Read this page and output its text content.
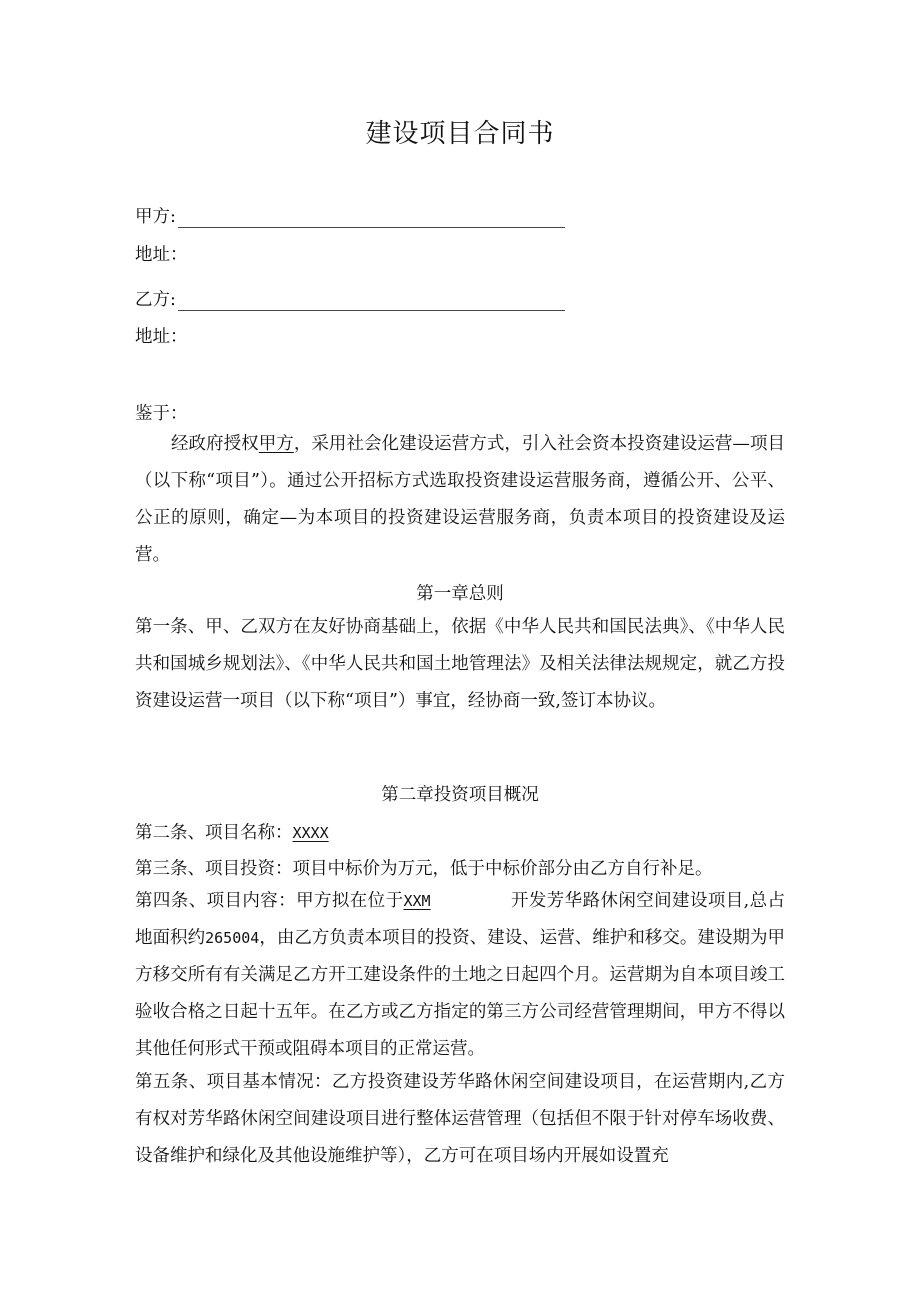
建设项目合同书
甲方:
地址：
乙方:
地址：
鉴于：
经政府授权甲方，采用社会化建设运营方式，引入社会资本投资建设运营—项目（以下称“项目”）。通过公开招标方式选取投资建设运营服务商，遵循公开、公平、公正的原则，确定—为本项目的投资建设运营服务商，负责本项目的投资建设及运营。
第一章总则
第一条、甲、乙双方在友好协商基础上，依据《中华人民共和国民法典》、《中华人民共和国城乡规划法》、《中华人民共和国土地管理法》及相关法律法规规定，就乙方投资建设运营一项目（以下称“项目”）事宜，经协商一致,签订本协议。
第二章投资项目概况
第二条、项目名称：XXXX
第三条、项目投资：项目中标价为万元，低于中标价部分由乙方自行补足。
第四条、项目内容：甲方拟在位于XXM	开发芳华路休闲空间建设项目,总占地面积约265004，由乙方负责本项目的投资、建设、运营、维护和移交。建设期为甲方移交所有有关满足乙方开工建设条件的土地之日起四个月。运营期为自本项目竣工验收合格之日起十五年。在乙方或乙方指定的第三方公司经营管理期间，甲方不得以其他任何形式干预或阻碍本项目的正常运营。
第五条、项目基本情况：乙方投资建设芳华路休闲空间建设项目，在运营期内,乙方有权对芳华路休闲空间建设项目进行整体运营管理（包括但不限于针对停车场收费、设备维护和绿化及其他设施维护等），乙方可在项目场内开展如设置充
